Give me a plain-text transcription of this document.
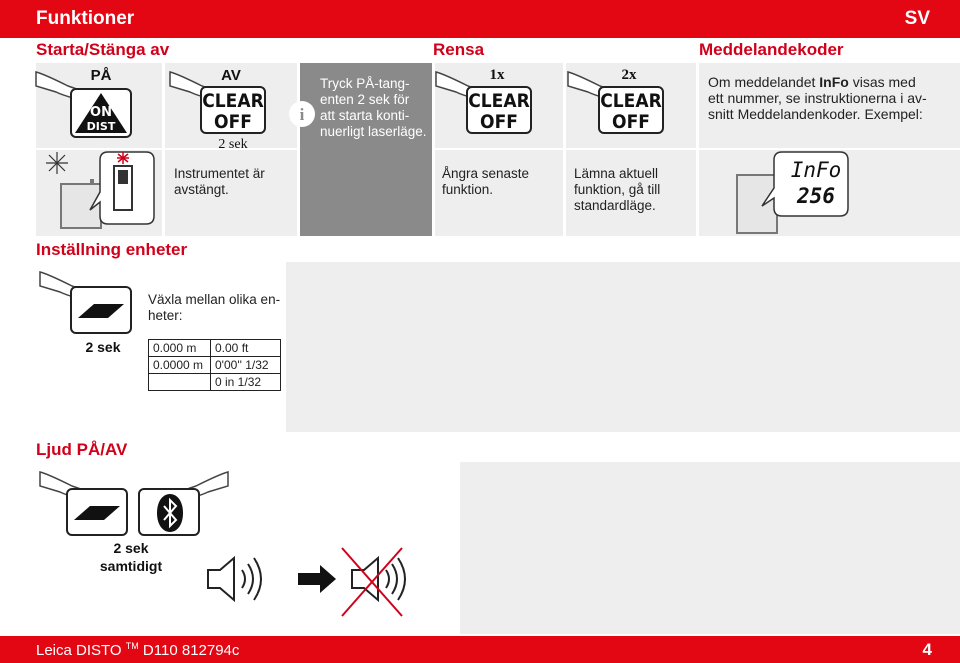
Funktioner	SV
Starta/Stänga av	Rensa	Meddelandekoder
i
Tryck PÅ-tang-
enten 2 sek för
att starta konti-
nuerligt laserläge.
PÅ
ON
DIST
AV
CLEAR
OFF
2 sek
Instrumentet är
avstängt.
1x
CLEAR
OFF
Ångra senaste
funktion.
2x
CLEAR
OFF
Lämna aktuell
funktion, gå till
standardläge.
Om meddelandet InFo visas med
ett nummer, se instruktionerna i av-
snitt Meddelandenkoder. Exempel:
InFo
256
Inställning enheter
2 sek
Växla mellan olika en-
heter:
0.000 m	0.00 ft
0.0000 m	0'00'' 1/32
	0 in 1/32
Ljud PÅ/AV
2 sek
samtidigt
Leica DISTO ™ D110 812794c	4
